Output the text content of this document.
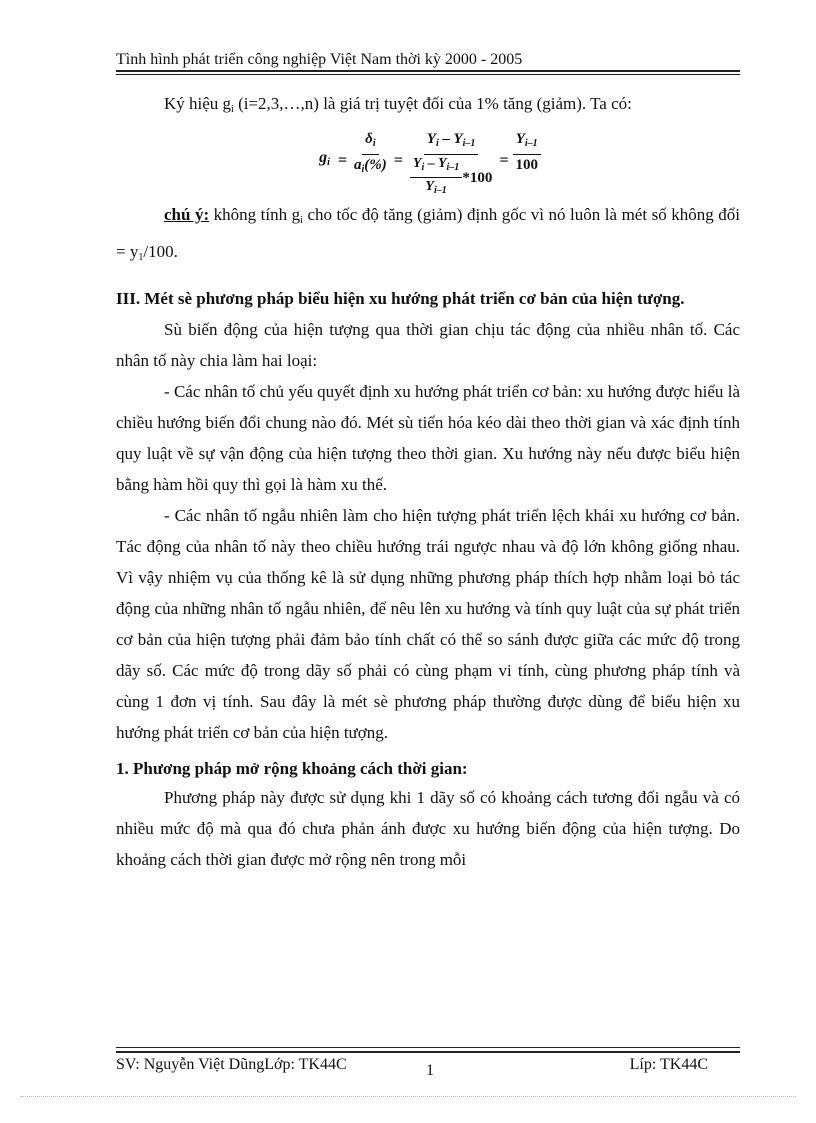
Tình hình phát triển công nghiệp Việt Nam thời kỳ 2000 - 2005

Ký hiệu $g_i$ (i=2,3,…,n) là giá trị tuyệt đối của 1% tăng (giảm). Ta có:

$g_i = \frac{\delta_i}{a_i(\%)} = \frac{Y_i - Y_{i-1}}{\frac{Y_i - Y_{i-1}}{Y_{i-1}} *100} = \frac{Y_{i-1}}{100}$

chú ý: không tính $g_i$ cho tốc độ tăng (giảm) định gốc vì nó luôn là mét số không đổi = $y_1/100$.

III. Mét sè phương pháp biểu hiện xu hướng phát triển cơ bản của hiện tượng.

Sù biến động của hiện tượng qua thời gian chịu tác động của nhiều nhân tố. Các nhân tố này chia làm hai loại:

- Các nhân tố chủ yếu quyết định xu hướng phát triển cơ bản: xu hướng được hiểu là chiều hướng biến đổi chung nào đó. Mét sù tiến hóa kéo dài theo thời gian và xác định tính quy luật về sự vận động của hiện tượng theo thời gian. Xu hướng này nếu được biểu hiện bằng hàm hồi quy thì gọi là hàm xu thế.

- Các nhân tố ngẫu nhiên làm cho hiện tượng phát triển lệch khái xu hướng cơ bản. Tác động của nhân tố này theo chiều hướng trái ngược nhau và độ lớn không giống nhau. Vì vậy nhiệm vụ của thống kê là sử dụng những phương pháp thích hợp nhằm loại bỏ tác động của những nhân tố ngẫu nhiên, để nêu lên xu hướng và tính quy luật của sự phát triển cơ bản của hiện tượng phải đảm bảo tính chất có thể so sánh được giữa các mức độ trong dãy số. Các mức độ trong dãy số phải có cùng phạm vi tính, cùng phương pháp tính và cùng 1 đơn vị tính. Sau đây là mét sè phương pháp thường được dùng để biểu hiện xu hướng phát triển cơ bản của hiện tượng.

1. Phương pháp mở rộng khoảng cách thời gian:

Phương pháp này được sử dụng khi 1 dãy số có khoảng cách tương đối ngẫu và có nhiều mức độ mà qua đó chưa phản ánh được xu hướng biến động của hiện tượng. Do khoảng cách thời gian được mở rộng nên trong mỗi

SV: Nguyễn Việt DũngLớp: TK44C	1	Líp: TK44C
